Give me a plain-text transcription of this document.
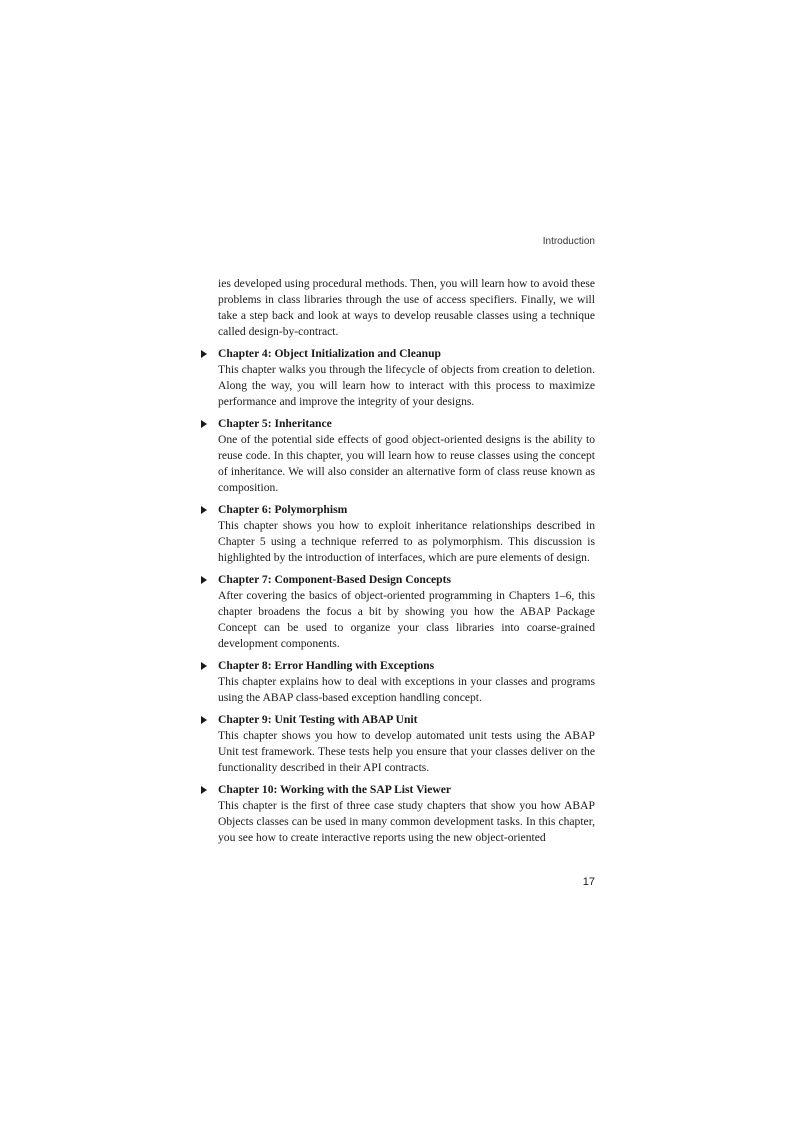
Introduction

ies developed using procedural methods. Then, you will learn how to avoid these problems in class libraries through the use of access specifiers. Finally, we will take a step back and look at ways to develop reusable classes using a technique called design-by-contract.

Chapter 4: Object Initialization and Cleanup
This chapter walks you through the lifecycle of objects from creation to deletion. Along the way, you will learn how to interact with this process to maximize performance and improve the integrity of your designs.
Chapter 5: Inheritance
One of the potential side effects of good object-oriented designs is the ability to reuse code. In this chapter, you will learn how to reuse classes using the concept of inheritance. We will also consider an alternative form of class reuse known as composition.
Chapter 6: Polymorphism
This chapter shows you how to exploit inheritance relationships described in Chapter 5 using a technique referred to as polymorphism. This discussion is highlighted by the introduction of interfaces, which are pure elements of design.
Chapter 7: Component-Based Design Concepts
After covering the basics of object-oriented programming in Chapters 1–6, this chapter broadens the focus a bit by showing you how the ABAP Package Concept can be used to organize your class libraries into coarse-grained development components.
Chapter 8: Error Handling with Exceptions
This chapter explains how to deal with exceptions in your classes and programs using the ABAP class-based exception handling concept.
Chapter 9: Unit Testing with ABAP Unit
This chapter shows you how to develop automated unit tests using the ABAP Unit test framework. These tests help you ensure that your classes deliver on the functionality described in their API contracts.
Chapter 10: Working with the SAP List Viewer
This chapter is the first of three case study chapters that show you how ABAP Objects classes can be used in many common development tasks. In this chapter, you see how to create interactive reports using the new object-oriented
17
